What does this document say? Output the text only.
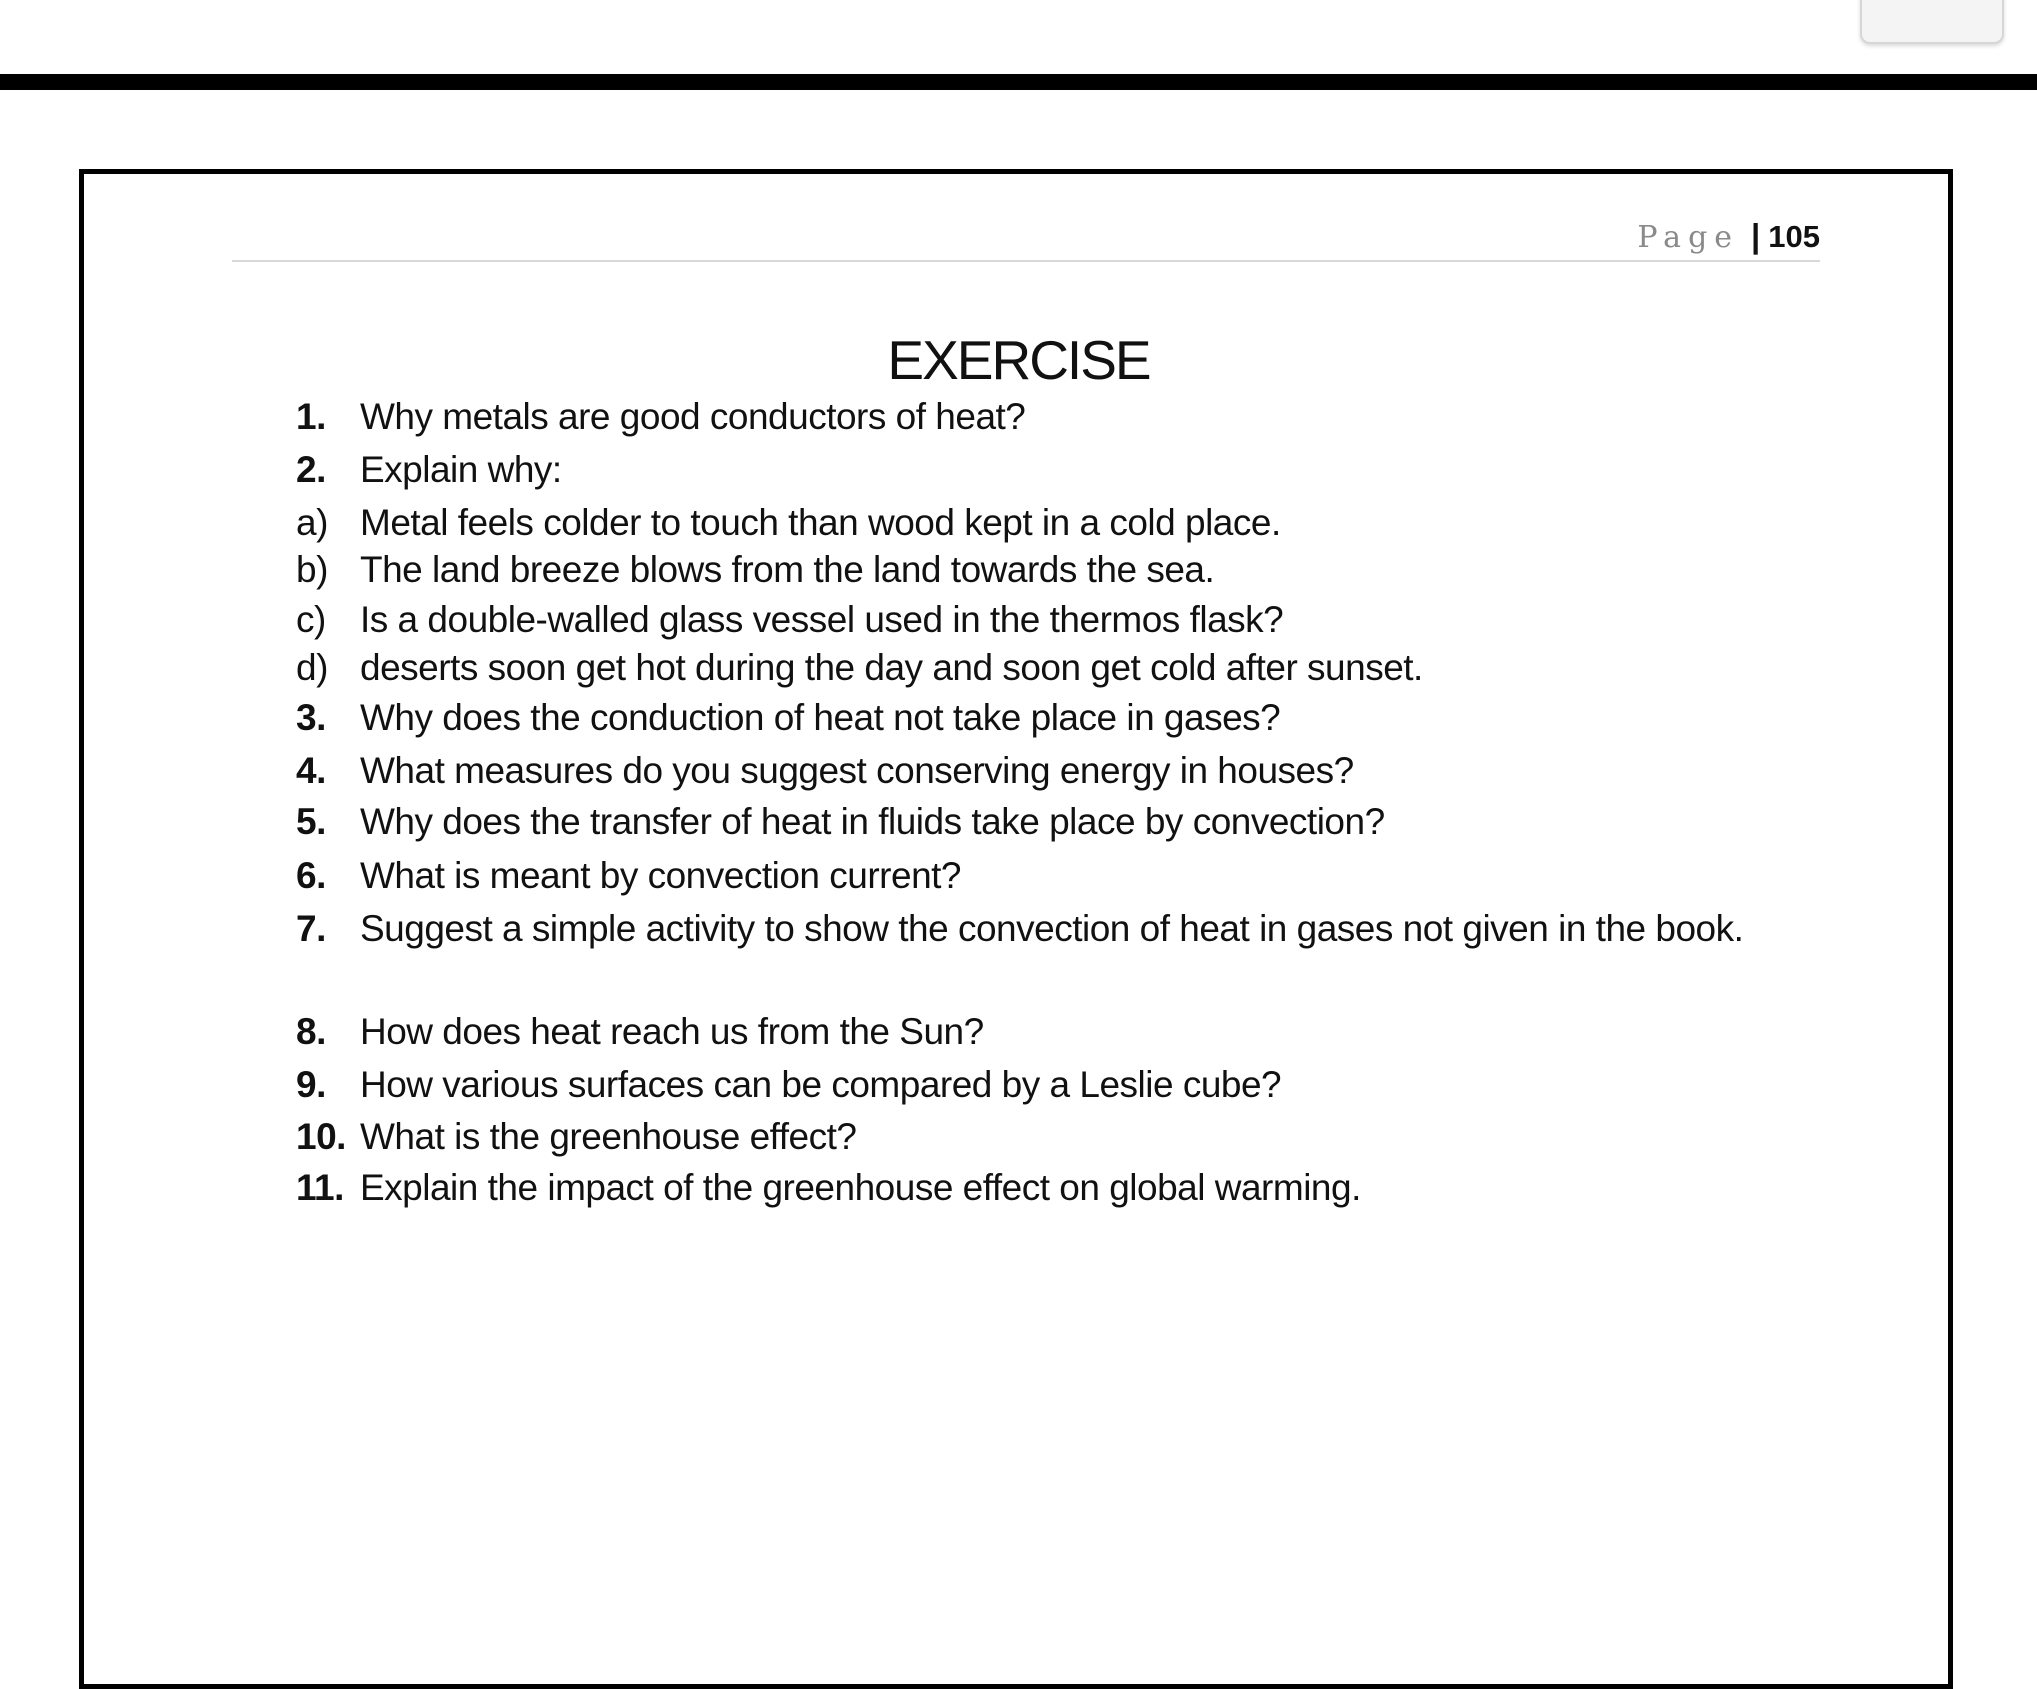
Page | 105
EXERCISE
1. Why metals are good conductors of heat?
2. Explain why:
a) Metal feels colder to touch than wood kept in a cold place.
b) The land breeze blows from the land towards the sea.
c) Is a double-walled glass vessel used in the thermos flask?
d) deserts soon get hot during the day and soon get cold after sunset.
3. Why does the conduction of heat not take place in gases?
4. What measures do you suggest conserving energy in houses?
5. Why does the transfer of heat in fluids take place by convection?
6. What is meant by convection current?
7. Suggest a simple activity to show the convection of heat in gases not given in the book.
8. How does heat reach us from the Sun?
9. How various surfaces can be compared by a Leslie cube?
10. What is the greenhouse effect?
11. Explain the impact of the greenhouse effect on global warming.
